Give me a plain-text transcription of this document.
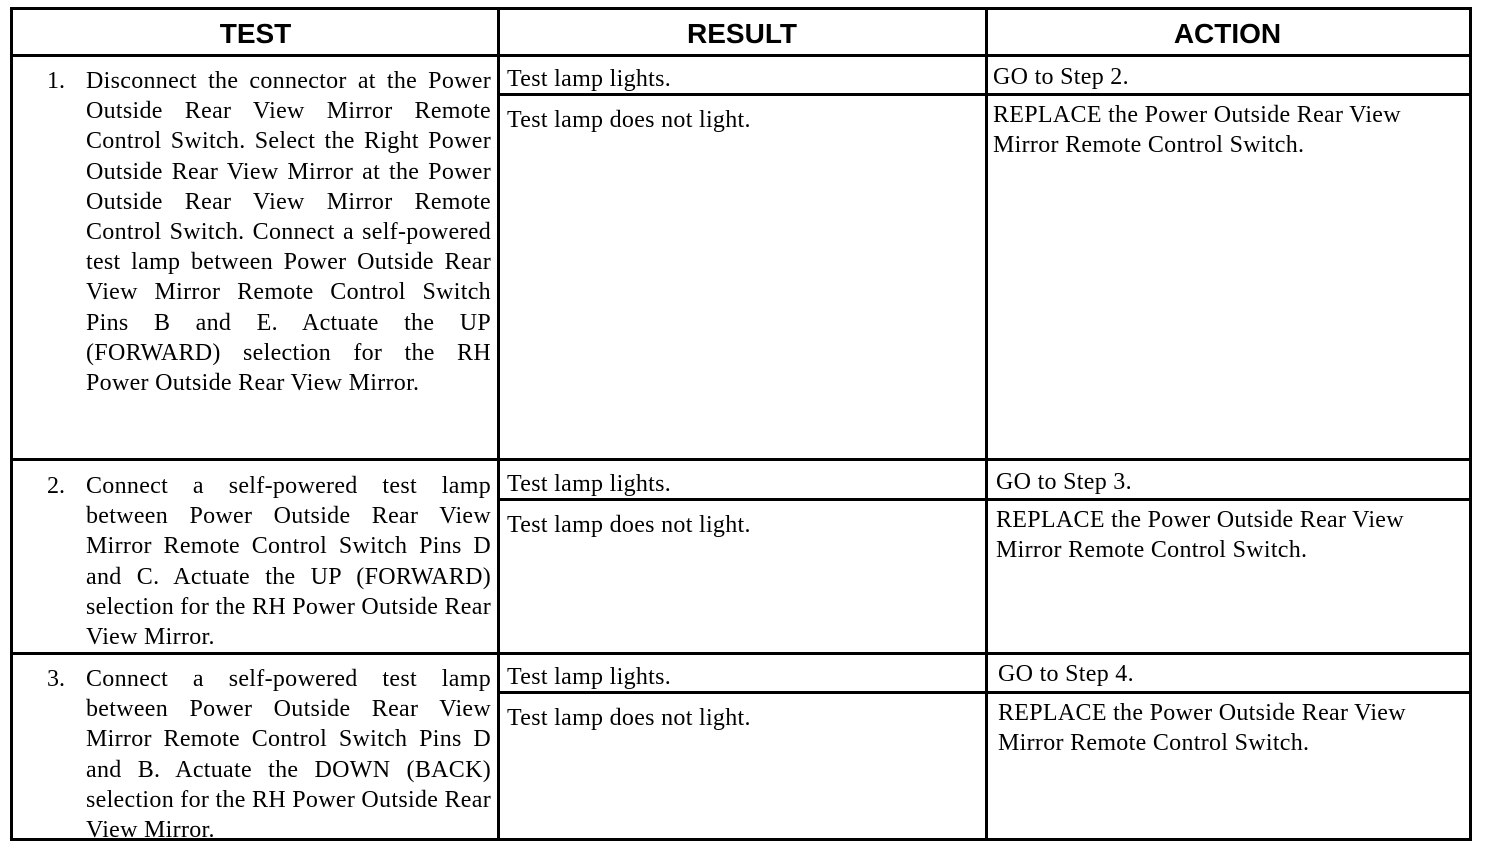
TEST	RESULT	ACTION
1. Disconnect the connector at the Power Outside Rear View Mirror Remote Control Switch. Select the Right Power Outside Rear View Mirror at the Power Outside Rear View Mirror Remote Control Switch. Connect a self-powered test lamp between Power Outside Rear View Mirror Remote Control Switch Pins B and E. Actuate the UP (FORWARD) selection for the RH Power Outside Rear View Mirror.
Test lamp lights.	GO to Step 2.
Test lamp does not light.	REPLACE the Power Outside Rear View Mirror Remote Control Switch.
2. Connect a self-powered test lamp between Power Outside Rear View Mirror Remote Control Switch Pins D and C. Actuate the UP (FORWARD) selection for the RH Power Outside Rear View Mirror.
Test lamp lights.	GO to Step 3.
Test lamp does not light.	REPLACE the Power Outside Rear View Mirror Remote Control Switch.
3. Connect a self-powered test lamp between Power Outside Rear View Mirror Remote Control Switch Pins D and B. Actuate the DOWN (BACK) selection for the RH Power Outside Rear View Mirror.
Test lamp lights.	GO to Step 4.
Test lamp does not light.	REPLACE the Power Outside Rear View Mirror Remote Control Switch.
